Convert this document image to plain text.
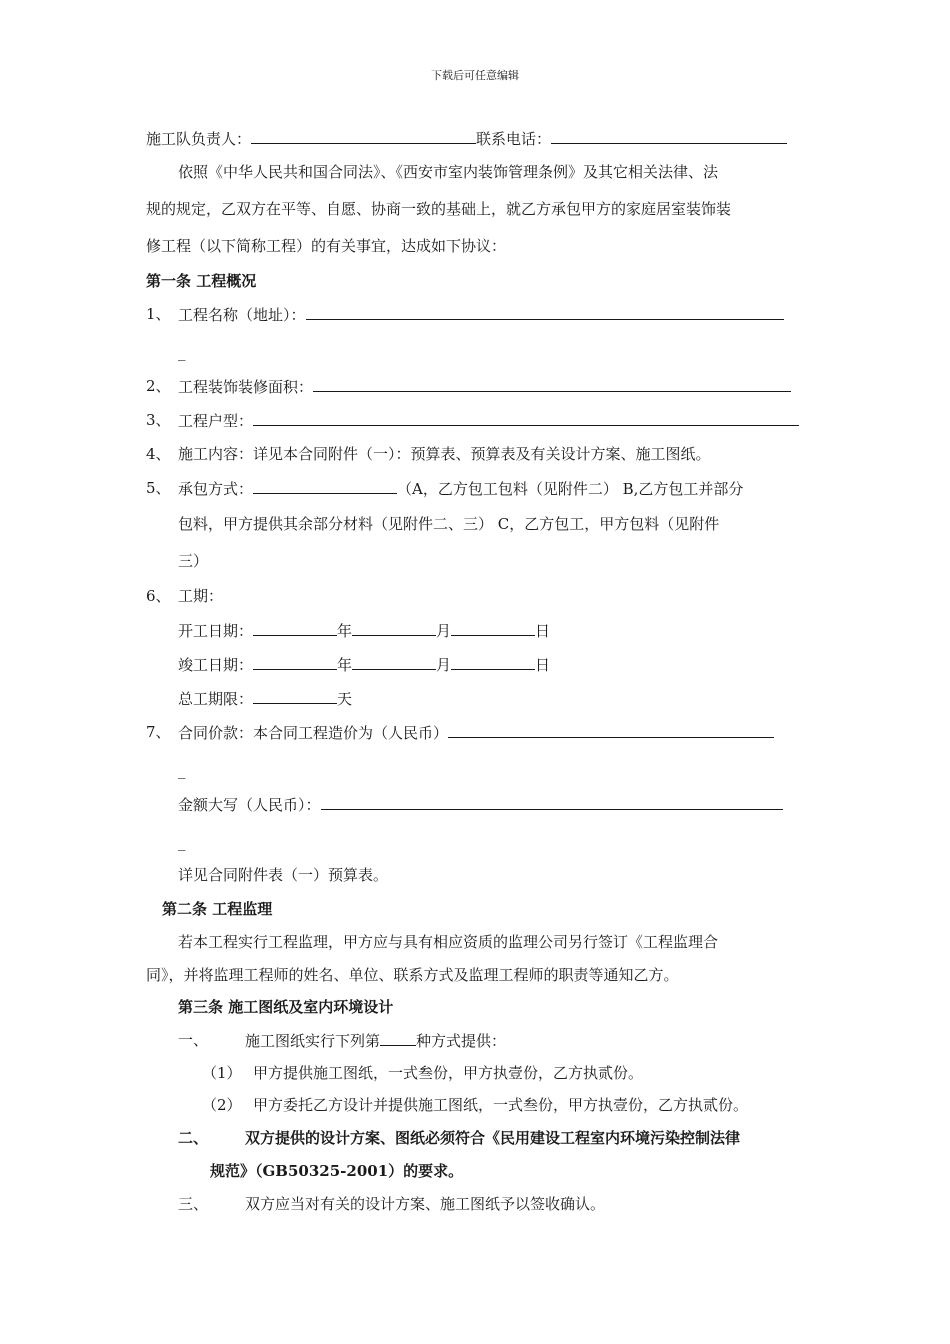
下载后可任意编辑
施工队负责人：	联系电话：
依照《中华人民共和国合同法》、《西安市室内装饰管理条例》及其它相关法律、法
规的规定，乙双方在平等、自愿、协商一致的基础上，就乙方承包甲方的家庭居室装饰装
修工程（以下简称工程）的有关事宜，达成如下协议：
第一条 工程概况
1、 工程名称（地址）：
_
2、 工程装饰装修面积：
3、 工程户型：
4、 施工内容：详见本合同附件（一）：预算表、预算表及有关设计方案、施工图纸。
5、 承包方式：	（A，乙方包工包料（见附件二） B,乙方包工并部分
包料，甲方提供其余部分材料（见附件二、三） C，乙方包工，甲方包料（见附件
三）
6、 工期：
开工日期：	年	月	日
竣工日期：	年	月	日
总工期限：	天
7、 合同价款：本合同工程造价为（人民币）
_
金额大写（人民币）：
_
详见合同附件表（一）预算表。
第二条 工程监理
若本工程实行工程监理，甲方应与具有相应资质的监理公司另行签订《工程监理合
同》，并将监理工程师的姓名、单位、联系方式及监理工程师的职责等通知乙方。
第三条 施工图纸及室内环境设计
一、 施工图纸实行下列第 种方式提供：
（1） 甲方提供施工图纸，一式叁份，甲方执壹份，乙方执贰份。
（2） 甲方委托乙方设计并提供施工图纸，一式叁份，甲方执壹份，乙方执贰份。
二、 双方提供的设计方案、图纸必须符合《民用建设工程室内环境污染控制法律
规范》（GB50325-2001）的要求。
三、 双方应当对有关的设计方案、施工图纸予以签收确认。
